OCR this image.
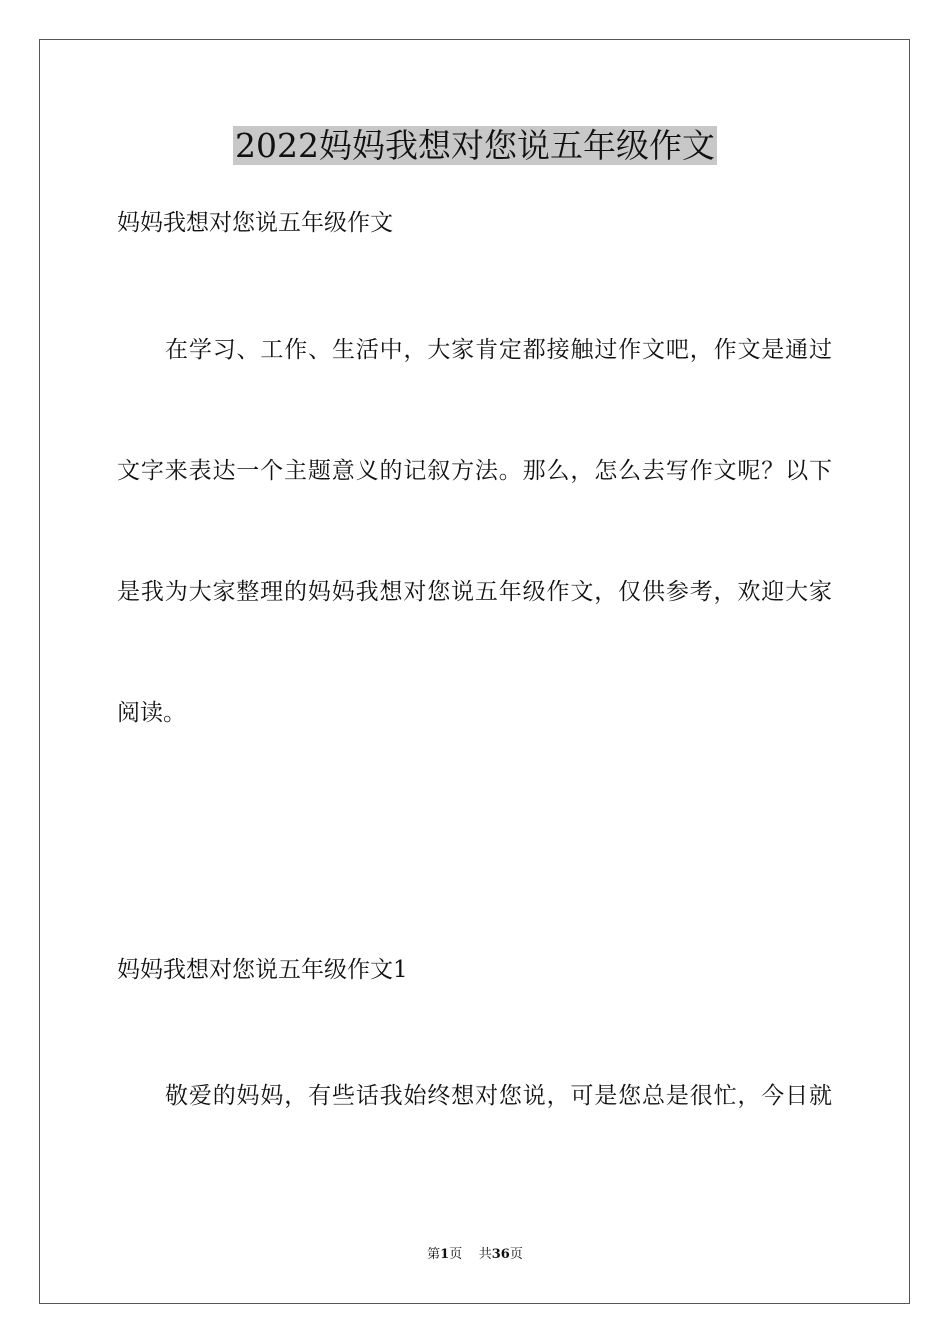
2022妈妈我想对您说五年级作文
妈妈我想对您说五年级作文
在学习、工作、生活中，大家肯定都接触过作文吧，作文是通过
文字来表达一个主题意义的记叙方法。那么，怎么去写作文呢？以下
是我为大家整理的妈妈我想对您说五年级作文，仅供参考，欢迎大家
阅读。
妈妈我想对您说五年级作文1
敬爱的妈妈，有些话我始终想对您说，可是您总是很忙，今日就
第1页 共36页
